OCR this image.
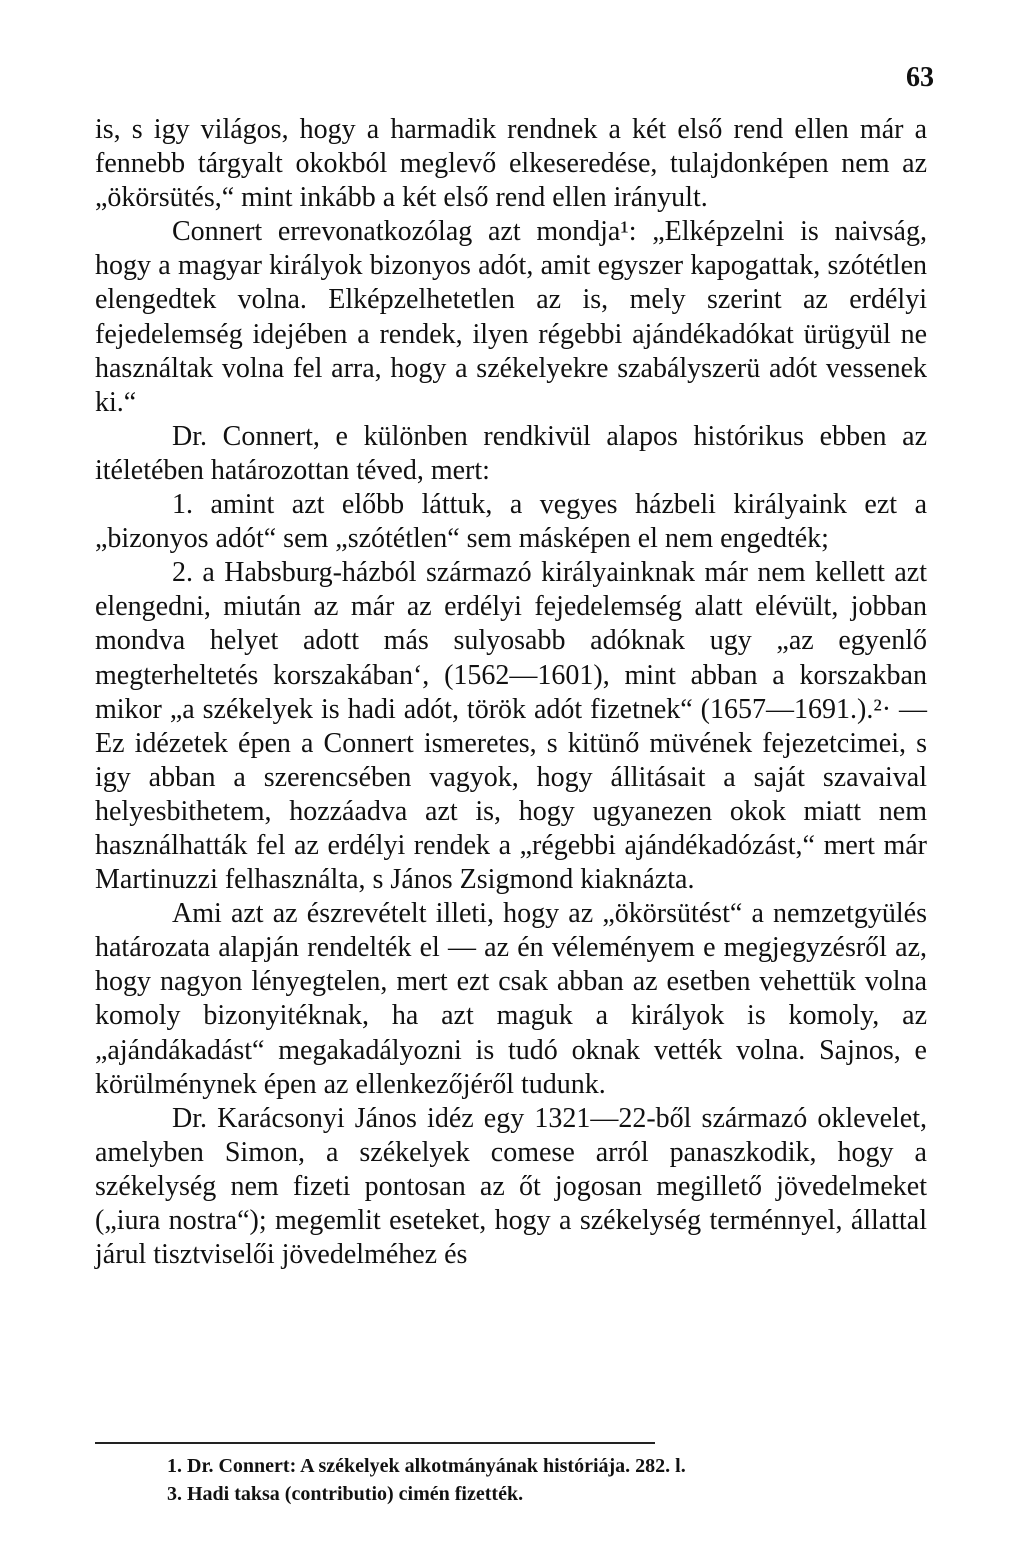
63

is, s igy világos, hogy a harmadik rendnek a két első rend ellen már a fennebb tárgyalt okokból meglevő elkeseredése, tulajdonképen nem az „ökörsütés,“ mint inkább a két első rend ellen irányult.

Connert errevonatkozólag azt mondja¹: „Elképzelni is naivság, hogy a magyar királyok bizonyos adót, amit egyszer kapogattak, szótétlen elengedtek volna. Elképzelhetetlen az is, mely szerint az erdélyi fejedelemség idejében a rendek, ilyen régebbi ajándékadókat ürügyül ne használtak volna fel arra, hogy a székelyekre szabályszerü adót vessenek ki.“

Dr. Connert, e különben rendkivül alapos histórikus ebben az itéletében határozottan téved, mert:

1. amint azt előbb láttuk, a vegyes házbeli királyaink ezt a „bizonyos adót“ sem „szótétlen“ sem másképen el nem engedték;

2. a Habsburg-házból származó királyainknak már nem kellett azt elengedni, miután az már az erdélyi fejedelemség alatt elévült, jobban mondva helyet adott más sulyosabb adóknak ugy „az egyenlő megterheltetés korszakában‘, (1562—1601), mint abban a korszakban mikor „a székelyek is hadi adót, török adót fizetnek“ (1657—1691.).²· — Ez idézetek épen a Connert ismeretes, s kitünő müvének fejezetcimei, s igy abban a szerencsében vagyok, hogy állitásait a saját szavaival helyesbithetem, hozzáadva azt is, hogy ugyanezen okok miatt nem használhatták fel az erdélyi rendek a „régebbi ajándékadózást,“ mert már Martinuzzi felhasználta, s János Zsigmond kiaknázta.

Ami azt az észrevételt illeti, hogy az „ökörsütést“ a nemzetgyülés határozata alapján rendelték el — az én véleményem e megjegyzésről az, hogy nagyon lényegtelen, mert ezt csak abban az esetben vehettük volna komoly bizonyitéknak, ha azt maguk a királyok is komoly, az „ajándákadást“ megakadályozni is tudó oknak vették volna. Sajnos, e körülménynek épen az ellenkezőjéről tudunk.

Dr. Karácsonyi János idéz egy 1321—22-ből származó oklevelet, amelyben Simon, a székelyek comese arról panaszkodik, hogy a székelység nem fizeti pontosan az őt jogosan megillető jövedelmeket („iura nostra“); megemlit eseteket, hogy a székelység terménnyel, állattal járul tisztviselői jövedelméhez és

1. Dr. Connert: A székelyek alkotmányának históriája. 282. l.

3. Hadi taksa (contributio) cimén fizették.
